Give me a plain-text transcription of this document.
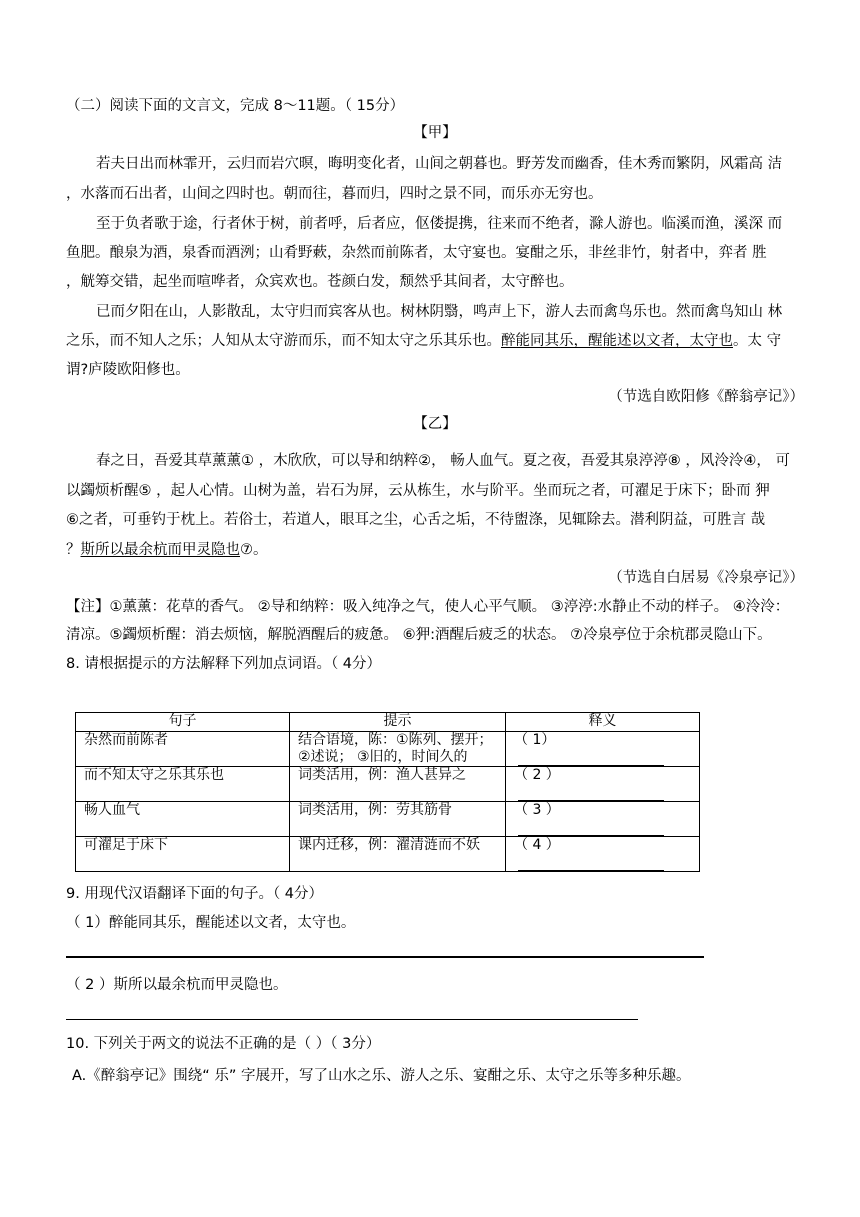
（二）阅读下面的文言文，完成 8～11题。（ 15分）
【甲】
若夫日出而林霏开，云归而岩穴暝，晦明变化者，山间之朝暮也。野芳发而幽香，佳木秀而繁阴，风霜高 洁
，水落而石出者，山间之四时也。朝而往，暮而归，四时之景不同，而乐亦无穷也。
至于负者歌于途，行者休于树，前者呼，后者应，伛偻提携，往来而不绝者，滁人游也。临溪而渔，溪深 而
鱼肥。酿泉为酒，泉香而酒洌；山肴野蔌，杂然而前陈者，太守宴也。宴酣之乐，非丝非竹，射者中，弈者 胜
，觥筹交错，起坐而喧哗者，众宾欢也。苍颜白发，颓然乎其间者，太守醉也。
已而夕阳在山，人影散乱，太守归而宾客从也。树林阴翳，鸣声上下，游人去而禽鸟乐也。然而禽鸟知山 林
之乐，而不知人之乐；人知从太守游而乐，而不知太守之乐其乐也。醉能同其乐，醒能述以文者，太守也。太 守
谓?庐陵欧阳修也。
（节选自欧阳修《醉翁亭记》）
【乙】
春之日，吾爱其草薰薰① ，木欣欣，可以导和纳粹②， 畅人血气。夏之夜，吾爱其泉渟渟⑧ ，风泠泠④， 可
以蠲烦析醒⑤ ，起人心情。山树为盖，岩石为屏，云从栋生，水与阶平。坐而玩之者，可濯足于床下；卧而 狎
⑥之者，可垂钓于枕上。若俗士，若道人，眼耳之尘，心舌之垢，不待盥涤，见辄除去。潜利阴益，可胜言 哉
？斯所以最余杭而甲灵隐也⑦。
（节选自白居易《冷泉亭记》）
【注】①薰薰：花草的香气。 ②导和纳粹：吸入纯净之气，使人心平气顺。 ③渟渟:水静止不动的样子。 ④泠泠：
清凉。⑤蠲烦析醒：消去烦恼，解脱酒醒后的疲惫。 ⑥狎:酒醒后疲乏的状态。 ⑦冷泉亭位于余杭郡灵隐山下。
8. 请根据提示的方法解释下列加点词语。（ 4分）
句子	提示	释义
杂然而前陈者	结合语境，陈：①陈列、摆开；②述说； ③旧的，时间久的	（ 1）
而不知太守之乐其乐也	词类活用，例：渔人甚异之	（ 2 ）
畅人血气	词类活用，例：劳其筋骨	（ 3 ）
可濯足于床下	课内迁移，例：濯清涟而不妖	（ 4 ）
9. 用现代汉语翻译下面的句子。（ 4分）
（ 1）醉能同其乐，醒能述以文者，太守也。
（ 2 ）斯所以最余杭而甲灵隐也。
10. 下列关于两文的说法不正确的是（ ）（ 3分）
A.《醉翁亭记》围绕“ 乐” 字展开，写了山水之乐、游人之乐、宴酣之乐、太守之乐等多种乐趣。
